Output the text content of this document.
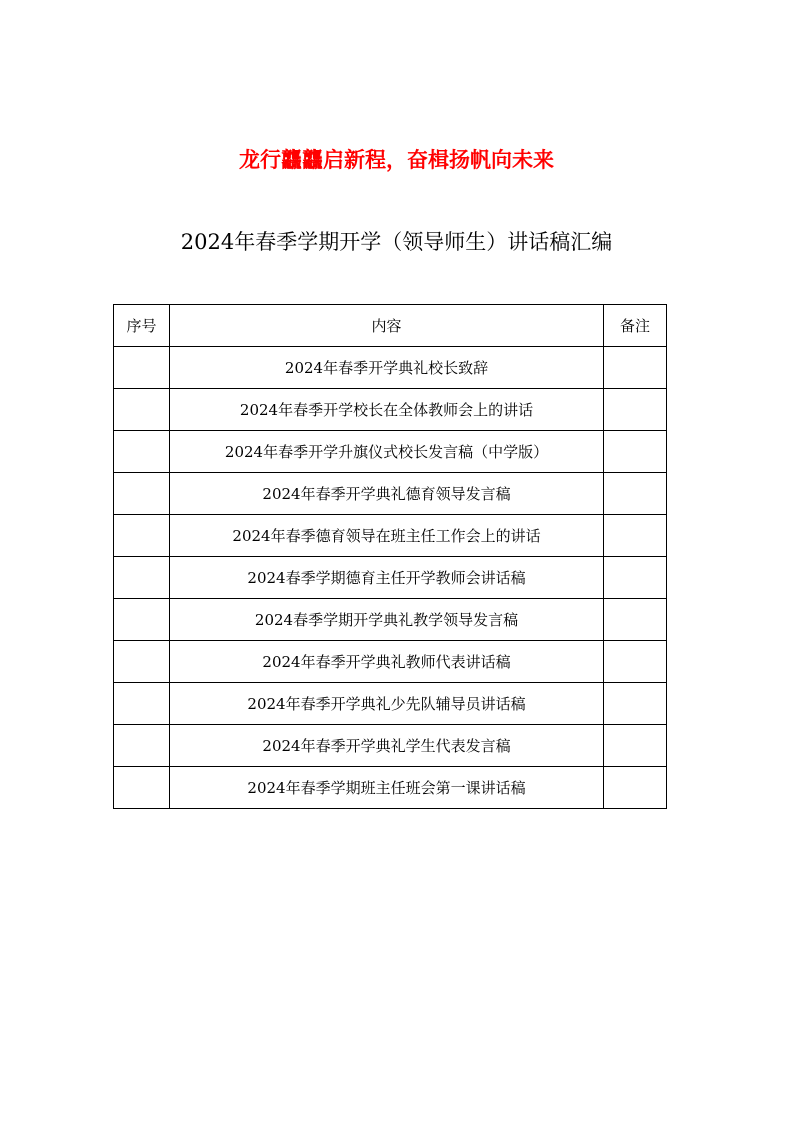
龙行龘龘启新程，奋楫扬帆向未来
2024年春季学期开学（领导师生）讲话稿汇编
序号	内容	备注
	2024年春季开学典礼校长致辞	
	2024年春季开学校长在全体教师会上的讲话	
	2024年春季开学升旗仪式校长发言稿（中学版）	
	2024年春季开学典礼德育领导发言稿	
	2024年春季德育领导在班主任工作会上的讲话	
	2024春季学期德育主任开学教师会讲话稿	
	2024春季学期开学典礼教学领导发言稿	
	2024年春季开学典礼教师代表讲话稿	
	2024年春季开学典礼少先队辅导员讲话稿	
	2024年春季开学典礼学生代表发言稿	
	2024年春季学期班主任班会第一课讲话稿	
